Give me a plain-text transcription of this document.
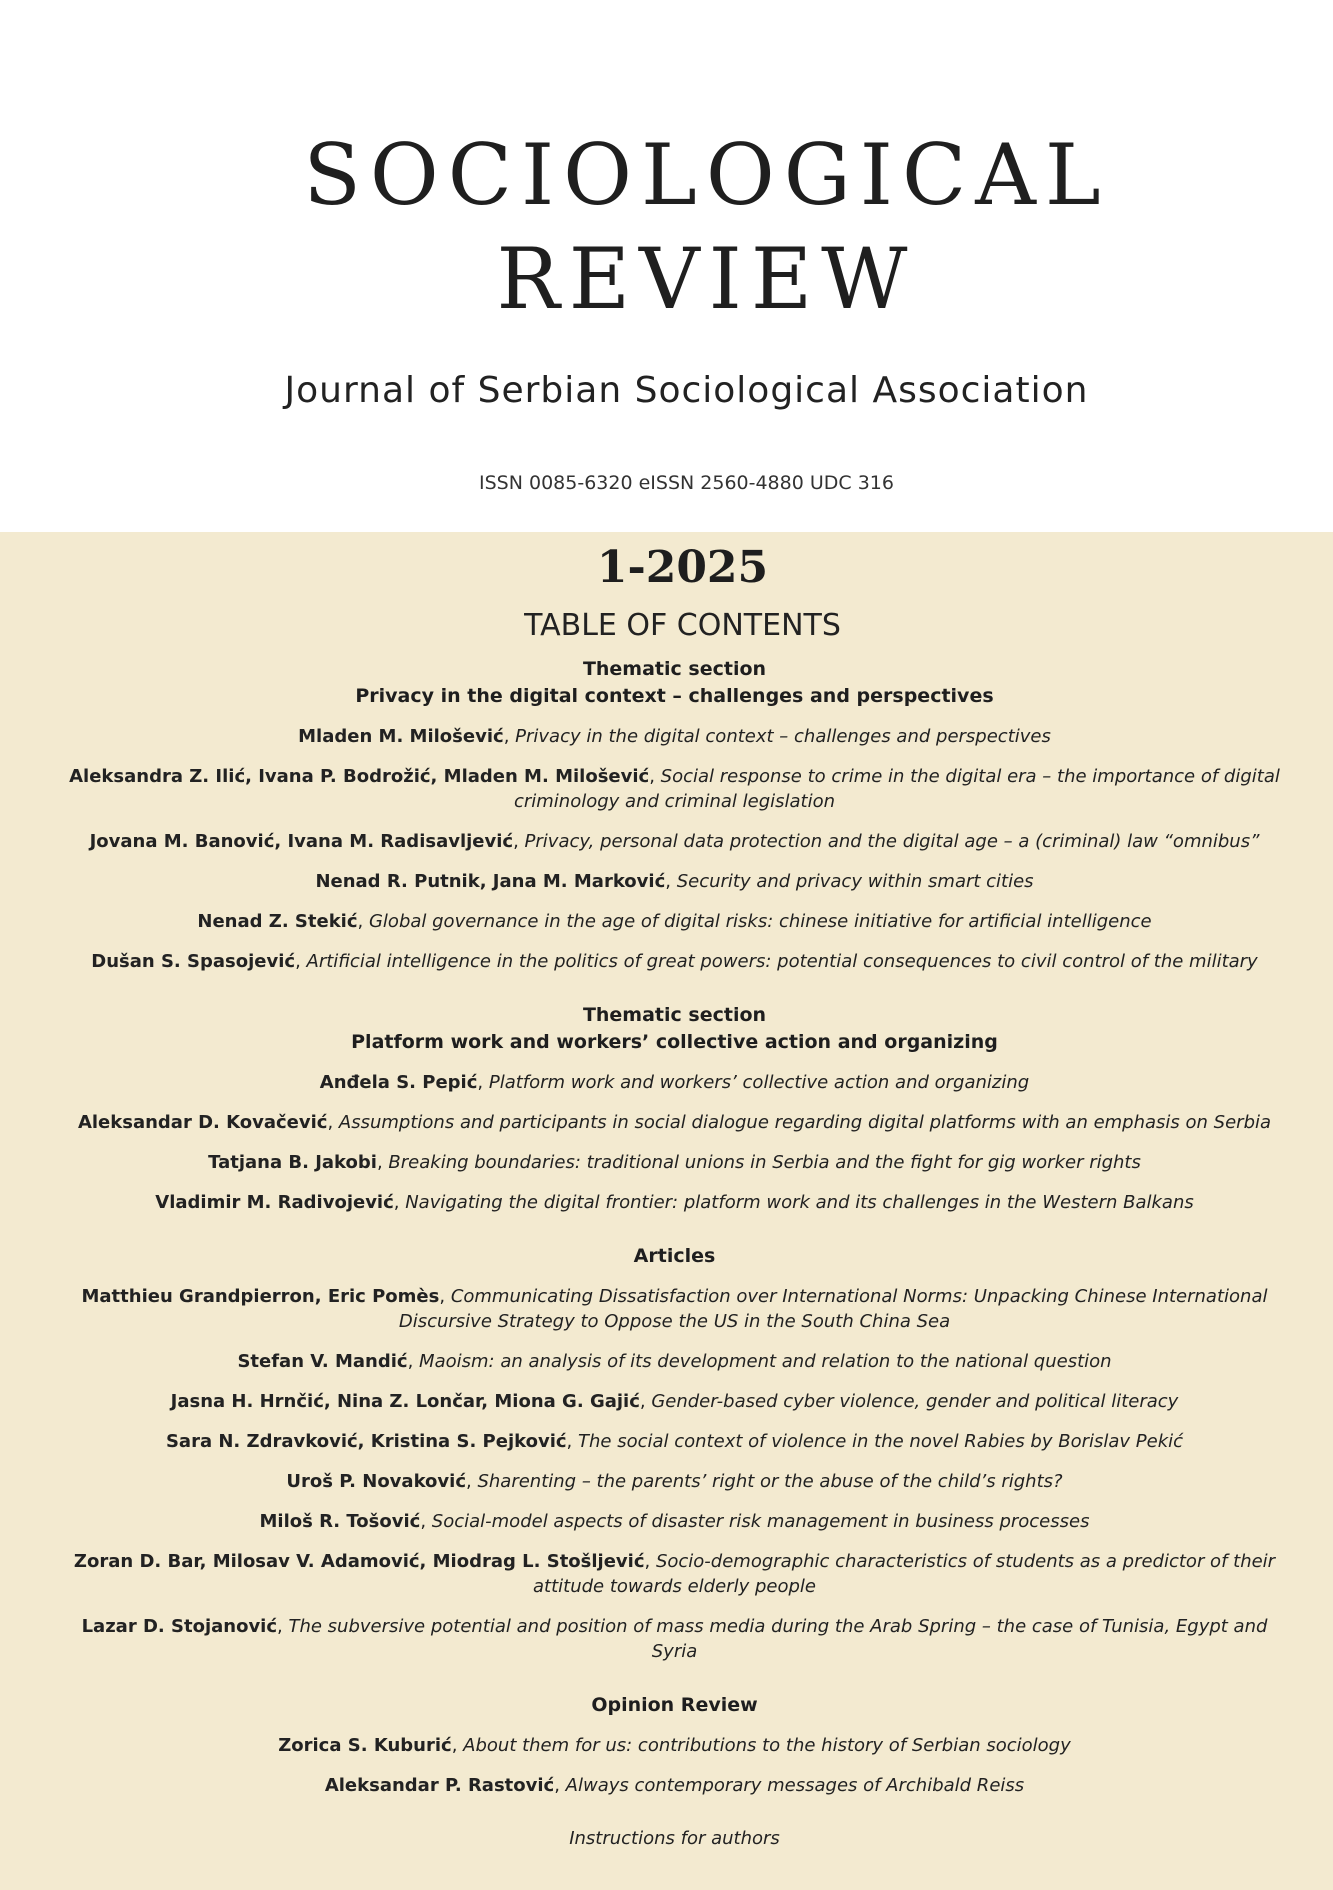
SOCIOLOGICAL
REVIEW
Journal of Serbian Sociological Association
ISSN 0085-6320 eISSN 2560-4880 UDC 316
1-2025
TABLE OF CONTENTS
Thematic section
Privacy in the digital context – challenges and perspectives
Mladen M. Milošević, Privacy in the digital context – challenges and perspectives
Aleksandra Z. Ilić, Ivana P. Bodrožić, Mladen M. Milošević, Social response to crime in the digital era – the importance of digital criminology and criminal legislation
Jovana M. Banović, Ivana M. Radisavljević, Privacy, personal data protection and the digital age – a (criminal) law “omnibus”
Nenad R. Putnik, Jana M. Marković, Security and privacy within smart cities
Nenad Z. Stekić, Global governance in the age of digital risks: chinese initiative for artificial intelligence
Dušan S. Spasojević, Artificial intelligence in the politics of great powers: potential consequences to civil control of the military
Thematic section
Platform work and workers’ collective action and organizing
Anđela S. Pepić, Platform work and workers’ collective action and organizing
Aleksandar D. Kovačević, Assumptions and participants in social dialogue regarding digital platforms with an emphasis on Serbia
Tatjana B. Jakobi, Breaking boundaries: traditional unions in Serbia and the fight for gig worker rights
Vladimir M. Radivojević, Navigating the digital frontier: platform work and its challenges in the Western Balkans
Articles
Matthieu Grandpierron, Eric Pomès, Communicating Dissatisfaction over International Norms: Unpacking Chinese International Discursive Strategy to Oppose the US in the South China Sea
Stefan V. Mandić, Maoism: an analysis of its development and relation to the national question
Jasna H. Hrnčić, Nina Z. Lončar, Miona G. Gajić, Gender-based cyber violence, gender and political literacy
Sara N. Zdravković, Kristina S. Pejković, The social context of violence in the novel Rabies by Borislav Pekić
Uroš P. Novaković, Sharenting – the parents’ right or the abuse of the child’s rights?
Miloš R. Tošović, Social-model aspects of disaster risk management in business processes
Zoran D. Bar, Milosav V. Adamović, Miodrag L. Stošljević, Socio-demographic characteristics of students as a predictor of their attitude towards elderly people
Lazar D. Stojanović, The subversive potential and position of mass media during the Arab Spring – the case of Tunisia, Egypt and Syria
Opinion Review
Zorica S. Kuburić, About them for us: contributions to the history of Serbian sociology
Aleksandar P. Rastović, Always contemporary messages of Archibald Reiss
Instructions for authors
